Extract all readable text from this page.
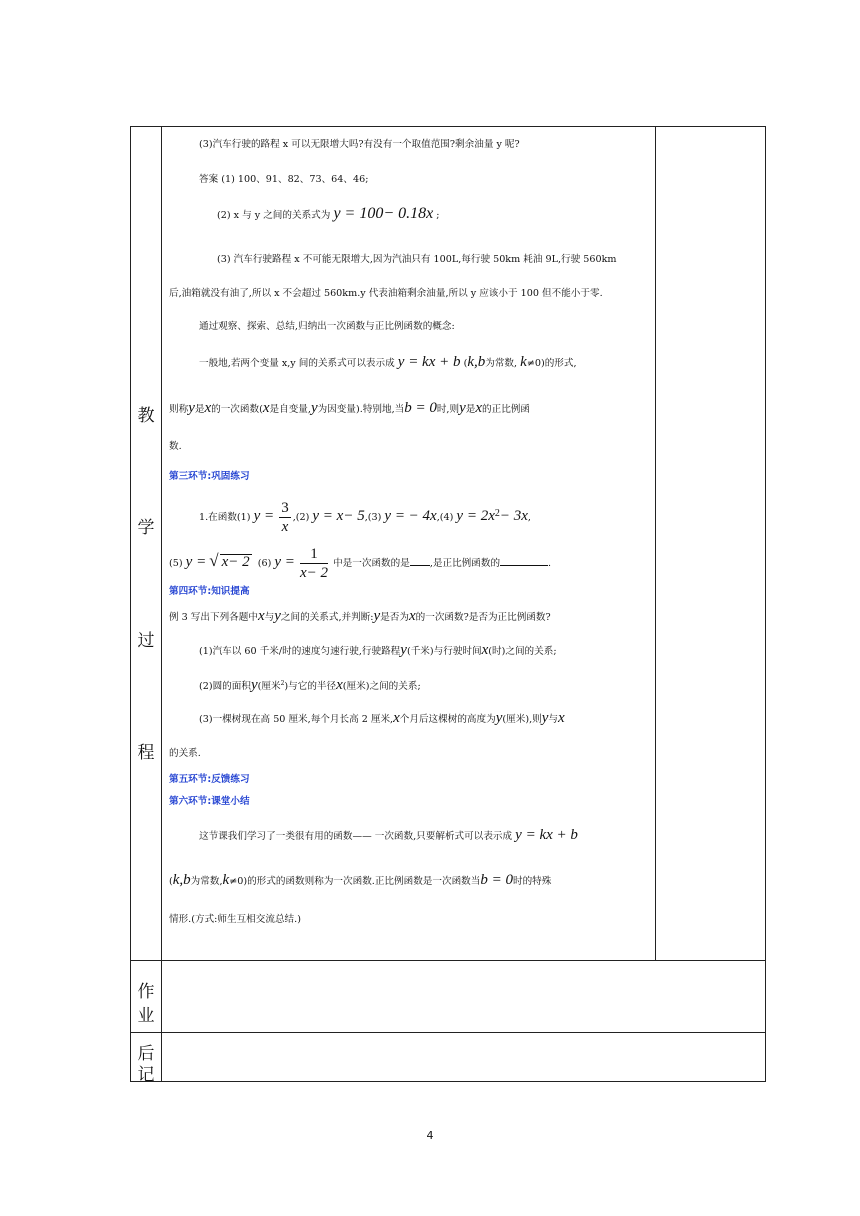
教
学
过
程
作
业
后
记
(3)汽车行驶的路程 x 可以无限增大吗?有没有一个取值范围?剩余油量 y 呢?
答案 (1) 100、91、82、73、64、46;
(2) x 与 y 之间的关系式为 y = 100− 0.18x ;
(3) 汽车行驶路程 x 不可能无限增大,因为汽油只有 100L,每行驶 50km 耗油 9L,行驶 560km
后,油箱就没有油了,所以 x 不会超过 560km.y 代表油箱剩余油量,所以 y 应该小于 100 但不能小于零.
通过观察、探索、总结,归纳出一次函数与正比例函数的概念:
一般地,若两个变量 x,y 间的关系式可以表示成 y = kx + b (k,b为常数, k≠0)的形式,
则称y是x的一次函数(x是自变量,y为因变量).特别地,当b = 0时,则y是x的正比例函
数.
第三环节:巩固练习
1.在函数(1) $y = \frac{3}{x} ,(2) y = x- 5,(3) y$ = − 4x,(4) $y = 2x^2- 3x$,
(5) y = √ x− 2 (6) $y = \frac{1}{x- 2}$ 中是一次函数的是 ,是正比例函数的	.
第四环节:知识提高
例 3 写出下列各题中x与y之间的关系式,并判断:y是否为x的一次函数?是否为正比例函数?
(1)汽车以 60 千米/时的速度匀速行驶,行驶路程y(千米)与行驶时间x(时)之间的关系;
(2)圆的面积y(厘米$^2$)与它的半径x(厘米)之间的关系;
(3)一棵树现在高 50 厘米,每个月长高 2 厘米,x个月后这棵树的高度为y(厘米),则y与x
的关系.
第五环节:反馈练习
第六环节:课堂小结
这节课我们学习了一类很有用的函数—— 一次函数,只要解析式可以表示成 y = kx + b
(k,b为常数,k≠0)的形式的函数则称为一次函数.正比例函数是一次函数当b = 0时的特殊
情形.(方式:师生互相交流总结.)
4
